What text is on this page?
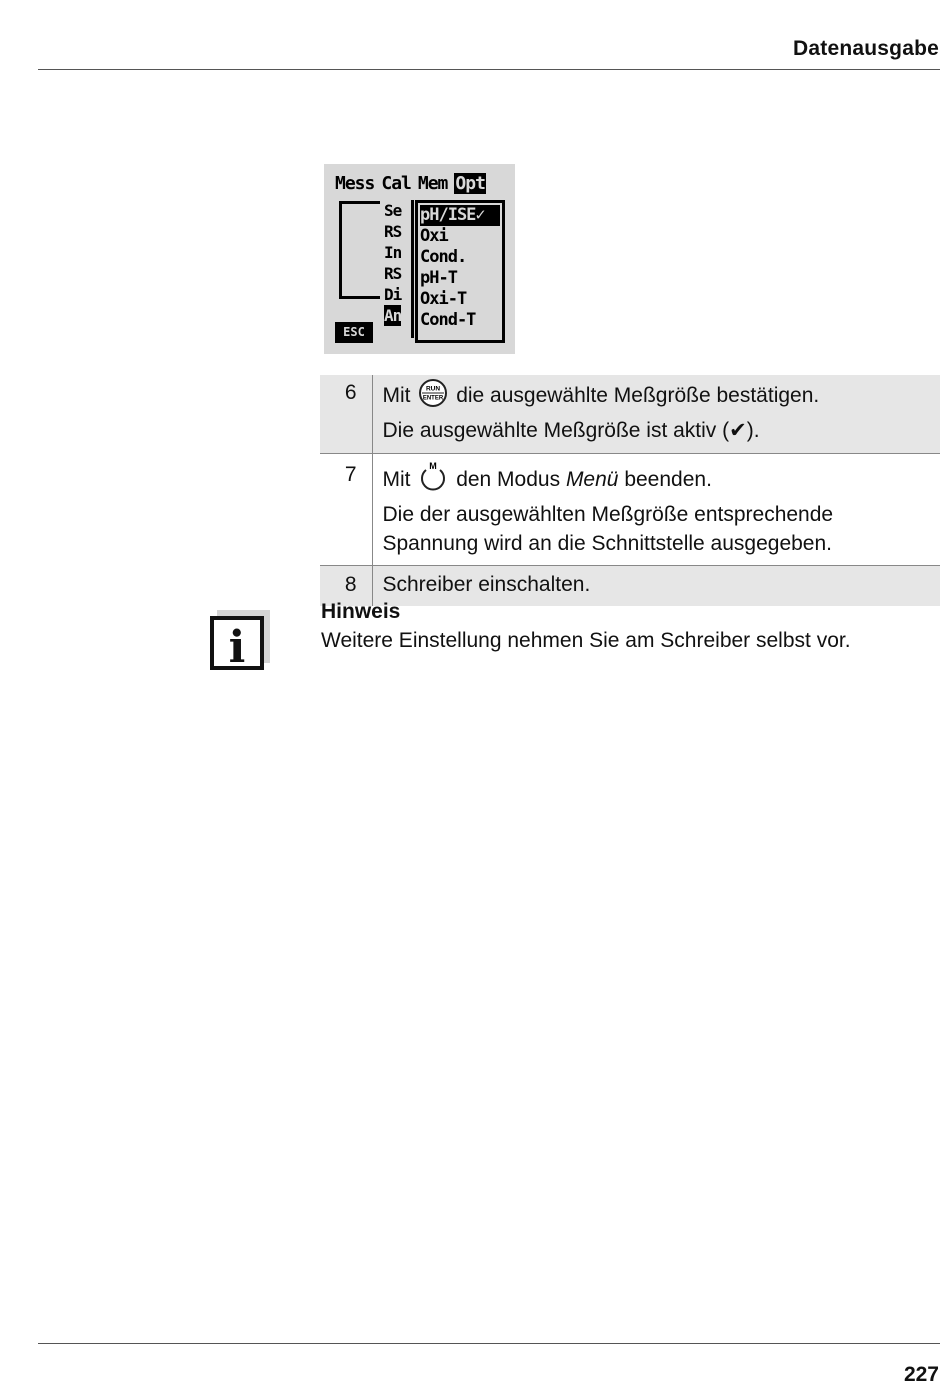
Datenausgabe
Mess Cal Mem Opt
ESC
Se
RS
In
RS
Di
An
pH/ISE✓
Oxi
Cond.
pH-T
Oxi-T
Cond-T
6	Mit RUN
ENTER die ausgewählte Meßgröße bestätigen.
Die ausgewählte Meßgröße ist aktiv (✔).

7	Mit
M
den Modus Menü beenden.
Die der ausgewählten Meßgröße entsprechende
Spannung wird an die Schnittstelle ausgegeben.

8	Schreiber einschalten.
i
Hinweis
Weitere Einstellung nehmen Sie am Schreiber selbst vor.
227
